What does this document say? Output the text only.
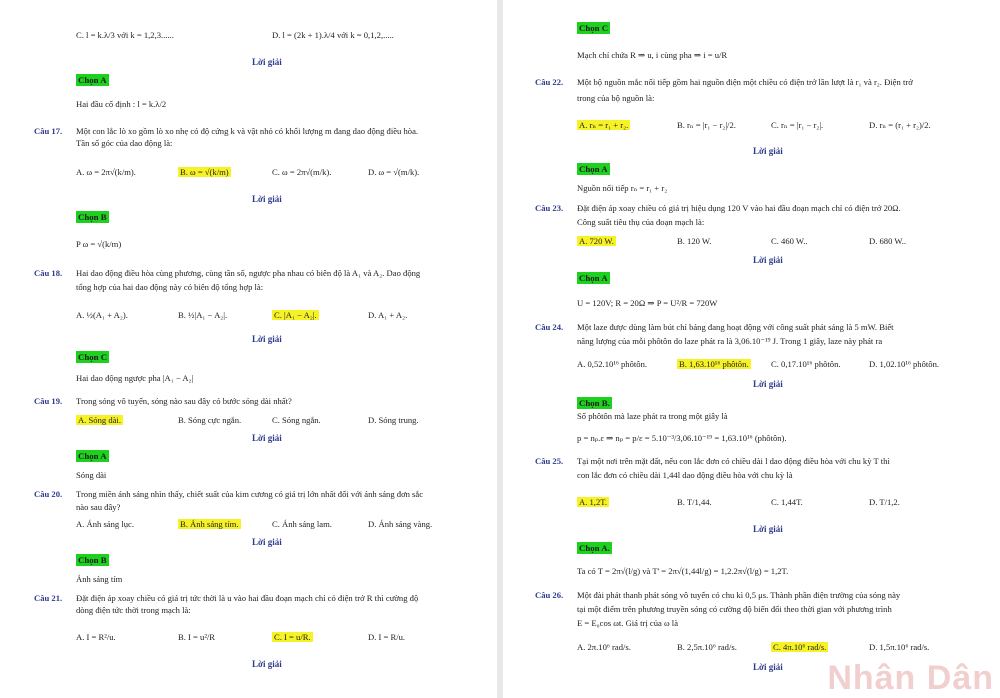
C. l = k.λ/3 với k = 1,2,3......	D. l = (2k + 1).λ/4 với k = 0,1,2,.....
Lời giải
Chọn A
Hai đầu cố định : l = k.λ/2
Câu 17. Một con lắc lò xo gồm lò xo nhẹ có độ cứng k và vật nhỏ có khối lượng m đang dao động điều hòa.
Tần số góc của dao động là:
A. ω = 2π√(k/m).	B. ω = √(k/m)	C. ω = 2π√(m/k).	D. ω = √(m/k).
Lời giải
Chọn B
P ω = √(k/m)
Câu 18. Hai dao động điều hòa cùng phương, cùng tần số, ngược pha nhau có biên độ là A₁ và A₂. Dao động
tổng hợp của hai dao động này có biên độ tổng hợp là:
A. ½(A₁ + A₂).	B. ½|A₁ − A₂|.	C. |A₁ − A₂|.	D. A₁ + A₂.
Lời giải
Chọn C
Hai dao động ngược pha |A₁ − A₂|
Câu 19. Trong sóng vô tuyến, sóng nào sau đây có bước sóng dài nhất?
A. Sóng dài.	B. Sóng cực ngắn.	C. Sóng ngắn.	D. Sóng trung.
Lời giải
Chọn A
Sóng dài
Câu 20. Trong miền ánh sáng nhìn thấy, chiết suất của kim cương có giá trị lớn nhất đối với ánh sáng đơn sắc
nào sau đây?
A. Ánh sáng lục.	B. Ánh sáng tím.	C. Ánh sáng lam.	D. Ánh sáng vàng.
Lời giải
Chọn B
Ánh sáng tím
Câu 21. Đặt điện áp xoay chiều có giá trị tức thời là u vào hai đầu đoạn mạch chỉ có điện trở R thì cường độ
dòng điện tức thời trong mạch là:
A. I = R²/u.	B. I = u²/R	C. I = u/R.	D. I = R/u.
Lời giải
Chọn C
Mạch chỉ chứa R ⇒ u, i cùng pha ⇒ i = u/R
Câu 22. Một bộ nguồn mắc nối tiếp gồm hai nguồn điện một chiều có điện trở lần lượt là r₁ và r₂. Điện trở
trong của bộ nguồn là:
A. rₙ = r₁ + r₂.	B. rₙ = |r₁ − r₂|/2.	C. rₙ = |r₁ − r₂|.	D. rₙ = (r₁ + r₂)/2.
Lời giải
Chọn A
Nguồn nối tiếp rₙ = r₁ + r₂
Câu 23. Đặt điện áp xoay chiều có giá trị hiệu dụng 120 V vào hai đầu đoạn mạch chỉ có điện trở 20Ω.
Công suất tiêu thụ của đoạn mạch là:
A. 720 W.	B. 120 W.	C. 460 W..	D. 680 W..
Lời giải
Chọn A
U = 120V; R = 20Ω ⇒ P = U²/R = 720W
Câu 24. Một laze được dùng làm bút chỉ bảng đang hoạt động với công suất phát sáng là 5 mW. Biết
năng lượng của mỗi phôtôn do laze phát ra là 3,06.10⁻¹⁹ J. Trong 1 giây, laze này phát ra
A. 0,52.10¹⁶ phôtôn.	B. 1,63.10¹⁶ phôtôn.	C. 0,17.10¹⁶ phôtôn.	D. 1,02.10¹⁶ phôtôn.
Lời giải
Chọn B.
Số phôtôn mà laze phát ra trong một giây là
p = nₚ.ε ⇒ nₚ = p/ε = 5.10⁻³/3,06.10⁻¹⁹ = 1,63.10¹⁶ (phôtôn).
Câu 25. Tại một nơi trên mặt đất, nếu con lắc đơn có chiều dài l dao động điều hòa với chu kỳ T thì
con lắc đơn có chiều dài 1,44l dao động điều hòa với chu kỳ là
A. 1,2T.	B. T/1,44.	C. 1,44T.	D. T/1,2.
Lời giải
Chọn A.
Ta có T = 2π√(l/g) và T' = 2π√(1,44l/g) = 1,2.2π√(l/g) = 1,2T.
Câu 26. Một đài phát thanh phát sóng vô tuyến có chu kì 0,5 μs. Thành phần điện trường của sóng này
tại một điểm trên phương truyền sóng có cường độ biến đổi theo thời gian với phương trình
E = E₀cos ωt. Giá trị của ω là
A. 2π.10⁶ rad/s.	B. 2,5π.10⁶ rad/s.	C. 4π.10⁶ rad/s.	D. 1,5π.10⁶ rad/s.
Lời giải Nhân Dân
